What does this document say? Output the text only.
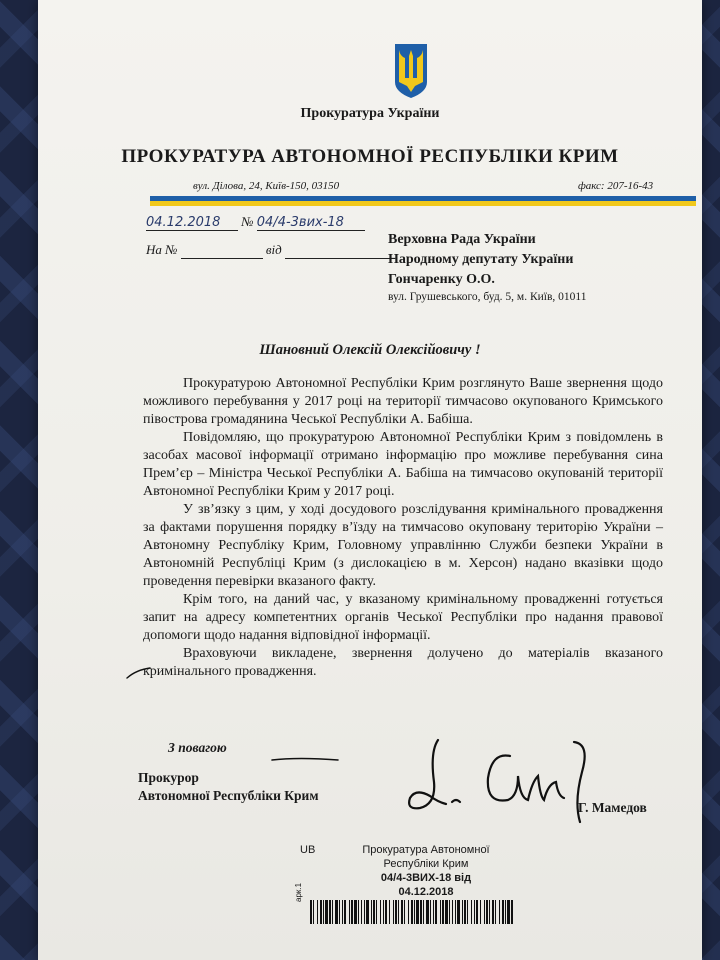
Прокуратура України
ПРОКУРАТУРА АВТОНОМНОЇ РЕСПУБЛІКИ КРИМ
вул. Ділова, 24, Київ-150, 03150	факс: 207-16-43
04.12.2018 № 04/4-3вих-18
На №	від
Верховна Рада України
Народному депутату України
Гончаренку О.О.
вул. Грушевського, буд. 5, м. Київ, 01011
Шановний Олексій Олексійовичу !

Прокуратурою Автономної Республіки Крим розглянуто Ваше звернення щодо можливого перебування у 2017 році на території тимчасово окупованого Кримського півострова громадянина Чеської Республіки А. Бабіша.

Повідомляю, що прокуратурою Автономної Республіки Крим з повідомлень в засобах масової інформації отримано інформацію про можливе перебування сина Прем’єр – Міністра Чеської Республіки А. Бабіша на тимчасово окупованій території Автономної Республіки Крим у 2017 році.

У зв’язку з цим, у ході досудового розслідування кримінального провадження за фактами порушення порядку в’їзду на тимчасово окуповану територію України – Автономну Республіку Крим, Головному управлінню Служби безпеки України в Автономній Республіці Крим (з дислокацією в м. Херсон) надано вказівки щодо проведення перевірки вказаного факту.

Крім того, на даний час, у вказаному кримінальному провадженні готується запит на адресу компетентних органів Чеської Республіки про надання правової допомоги щодо надання відповідної інформації.

Враховуючи викладене, звернення долучено до матеріалів вказаного кримінального провадження.

З повагою
Прокурор
Автономної Республіки Крим
Г. Мамедов
UB	Прокуратура Автономної
Республіки Крим
04/4-3ВИХ-18 від
04.12.2018
арк.1
